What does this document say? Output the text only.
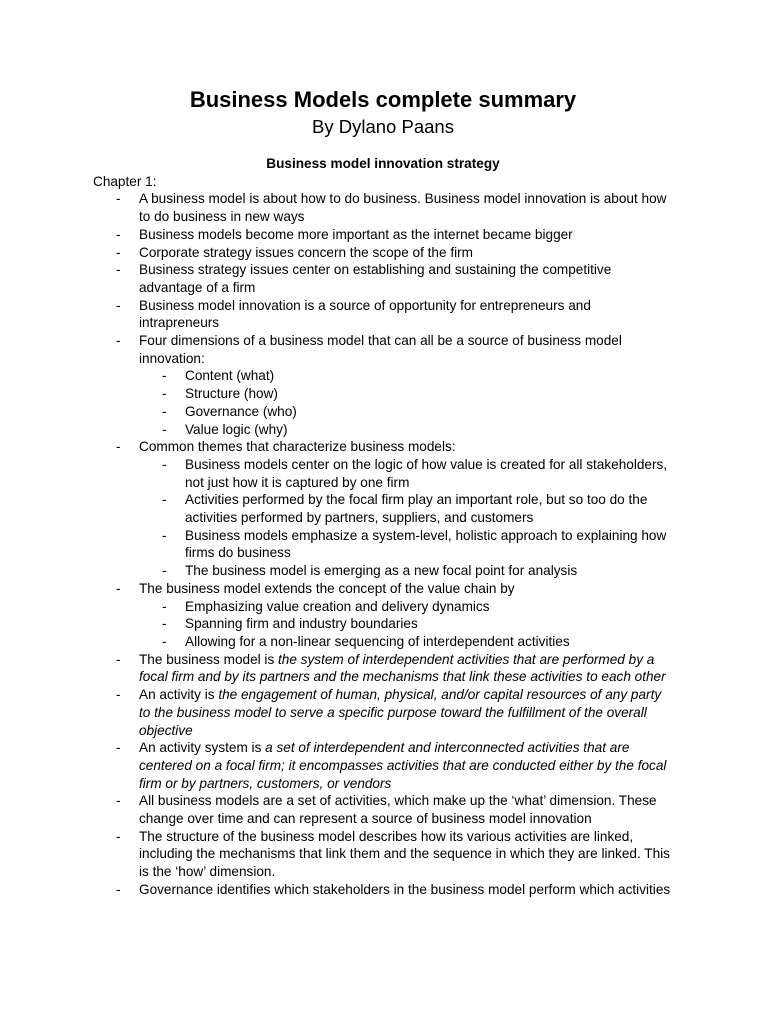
Business Models complete summary
By Dylano Paans
Business model innovation strategy
Chapter 1:
- A business model is about how to do business. Business model innovation is about how to do business in new ways
- Business models become more important as the internet became bigger
- Corporate strategy issues concern the scope of the firm
- Business strategy issues center on establishing and sustaining the competitive advantage of a firm
- Business model innovation is a source of opportunity for entrepreneurs and intrapreneurs
- Four dimensions of a business model that can all be a source of business model innovation:
- Content (what)
- Structure (how)
- Governance (who)
- Value logic (why)
- Common themes that characterize business models:
- Business models center on the logic of how value is created for all stakeholders, not just how it is captured by one firm
- Activities performed by the focal firm play an important role, but so too do the activities performed by partners, suppliers, and customers
- Business models emphasize a system-level, holistic approach to explaining how firms do business
- The business model is emerging as a new focal point for analysis
- The business model extends the concept of the value chain by
- Emphasizing value creation and delivery dynamics
- Spanning firm and industry boundaries
- Allowing for a non-linear sequencing of interdependent activities
- The business model is the system of interdependent activities that are performed by a focal firm and by its partners and the mechanisms that link these activities to each other
- An activity is the engagement of human, physical, and/or capital resources of any party to the business model to serve a specific purpose toward the fulfillment of the overall objective
- An activity system is a set of interdependent and interconnected activities that are centered on a focal firm; it encompasses activities that are conducted either by the focal firm or by partners, customers, or vendors
- All business models are a set of activities, which make up the ‘what’ dimension. These change over time and can represent a source of business model innovation
- The structure of the business model describes how its various activities are linked, including the mechanisms that link them and the sequence in which they are linked. This is the ‘how’ dimension.
- Governance identifies which stakeholders in the business model perform which activities
